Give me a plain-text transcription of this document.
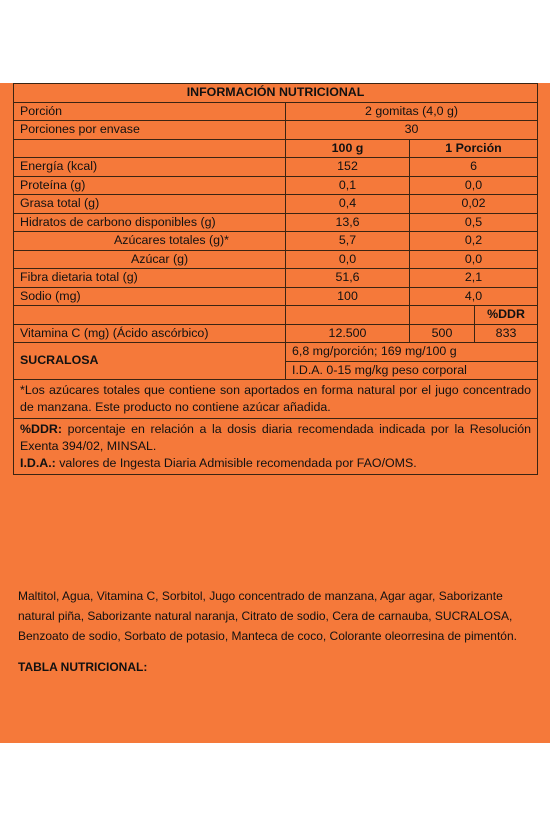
INFORMACIÓN NUTRICIONAL			
Porción	2 gomitas (4,0 g)		
Porciones por envase	30		
	100 g	1 Porción	
Energía (kcal)	152	6	
Proteína (g)	0,1	0,0	
Grasa total (g)	0,4	0,02	
Hidratos de carbono disponibles (g)	13,6	0,5	
Azúcares totales (g)*	5,7	0,2	
Azúcar (g)	0,0	0,0	
Fibra dietaria total (g)	51,6	2,1	
Sodio (mg)	100	4,0	
			%DDR
Vitamina C (mg) (Ácido ascórbico)	12.500	500	833
SUCRALOSA	6,8 mg/porción; 169 mg/100 g		
	I.D.A. 0-15 mg/kg peso corporal		
*Los azúcares totales que contiene son aportados en forma natural por el jugo concentrado de manzana. Este producto no contiene azúcar añadida.			
%DDR: porcentaje en relación a la dosis diaria recomendada indicada por la Resolución Exenta 394/02, MINSAL.
I.D.A.: valores de Ingesta Diaria Admisible recomendada por FAO/OMS.			
Maltitol, Agua, Vitamina C, Sorbitol, Jugo concentrado de manzana, Agar agar, Saborizante natural piña, Saborizante natural naranja, Citrato de sodio, Cera de carnauba, SUCRALOSA, Benzoato de sodio, Sorbato de potasio, Manteca de coco, Colorante oleorresina de pimentón.
TABLA NUTRICIONAL:
